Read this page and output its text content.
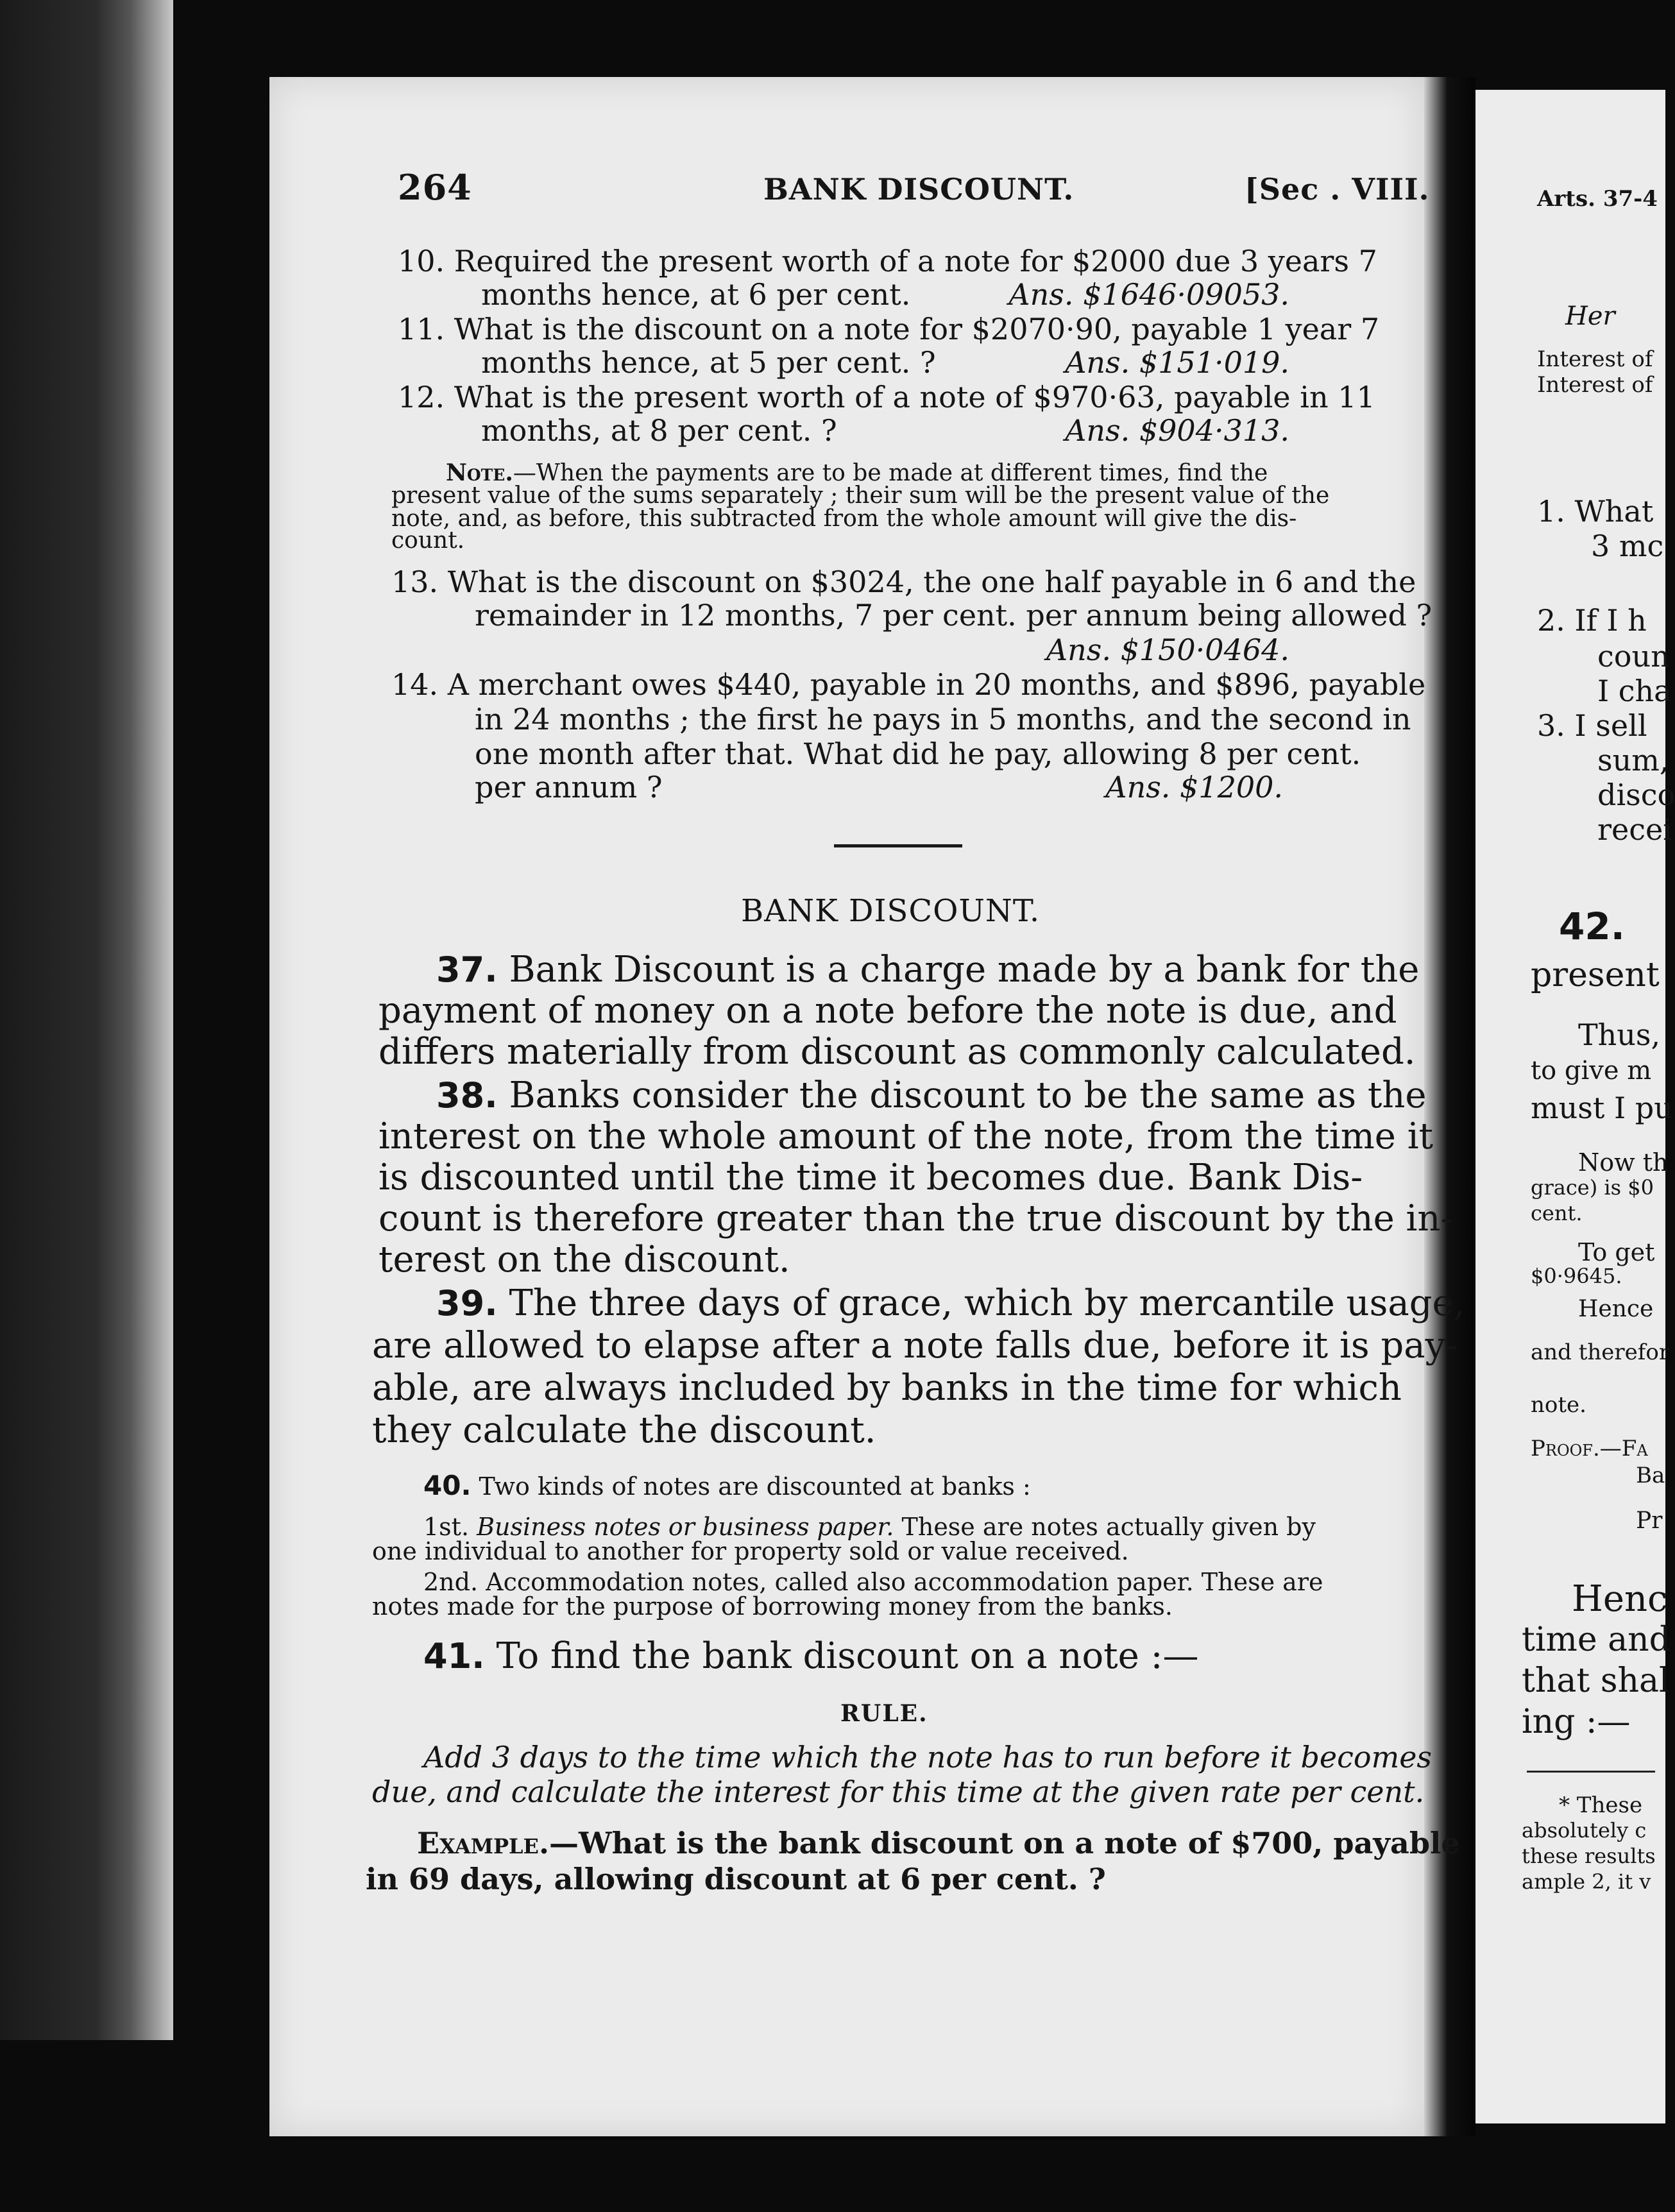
264	BANK DISCOUNT.	[Sec . VIII.
10. Required the present worth of a note for $2000 due 3 years 7
months hence, at 6 per cent.	Ans. $1646·09053.
11. What is the discount on a note for $2070·90, payable 1 year 7
months hence, at 5 per cent. ?	Ans. $151·019.
12. What is the present worth of a note of $970·63, payable in 11
months, at 8 per cent. ?	Ans. $904·313.
Note.—When the payments are to be made at different times, find the
present value of the sums separately ; their sum will be the present value of the
note, and, as before, this subtracted from the whole amount will give the dis-
count.
13. What is the discount on $3024, the one half payable in 6 and the
remainder in 12 months, 7 per cent. per annum being allowed ?
Ans. $150·0464.
14. A merchant owes $440, payable in 20 months, and $896, payable
in 24 months ; the first he pays in 5 months, and the second in
one month after that. What did he pay, allowing 8 per cent.
per annum ?	Ans. $1200.
BANK DISCOUNT.
37. Bank Discount is a charge made by a bank for the
payment of money on a note before the note is due, and
differs materially from discount as commonly calculated.
38. Banks consider the discount to be the same as the
interest on the whole amount of the note, from the time it
is discounted until the time it becomes due. Bank Dis-
count is therefore greater than the true discount by the in-
terest on the discount.
39. The three days of grace, which by mercantile usage,
are allowed to elapse after a note falls due, before it is pay-
able, are always included by banks in the time for which
they calculate the discount.
40. Two kinds of notes are discounted at banks :
1st. Business notes or business paper. These are notes actually given by
one individual to another for property sold or value received.
2nd. Accommodation notes, called also accommodation paper. These are
notes made for the purpose of borrowing money from the banks.
41. To find the bank discount on a note :—
RULE.
Add 3 days to the time which the note has to run before it becomes
due, and calculate the interest for this time at the given rate per cent.
Example.—What is the bank discount on a note of $700, payable
in 69 days, allowing discount at 6 per cent. ?
Arts. 37-4
Her
Interest of
Interest of
1. What
3 mc
2. If I h
coun
I cha
3. I sell
sum,
disco
recei
42.
present
Thus,
to give m
must I pu
Now th
grace) is $0
cent.
To get
$0·9645.
Hence
and therefor
note.
Proof.—Fa
Ba
Pr
Henc
time and
that shal
ing :—
* These
absolutely c
these results
ample 2, it v
